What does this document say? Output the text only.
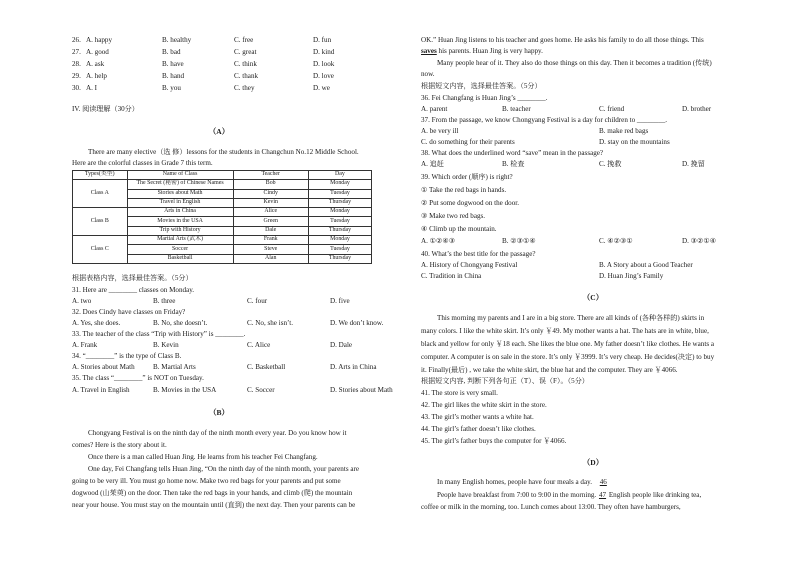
26. A. happy	B. healthy	C. free	D. fun
27. A. good	B. bad	C. great	D. kind
28. A. ask	B. have	C. think	D. look
29. A. help	B. hand	C. thank	D. love
30. A. I	B. you	C. they	D. we
IV. 阅读理解（30分）
（A）
There are many elective（选 修）lessons for the students in Changchun No.12 Middle School.
Here are the colorful classes in Grade 7 this term.
Types(类型)	Name of Class	Teacher	Day
Class A	The Secret (秘密) of Chinese Names	Bob	Monday
	Stories about Math	Cindy	Tuesday
	Travel in English	Kevin	Thursday
Class B	Arts in China	Alice	Monday
	Movies in the USA	Green	Tuesday
	Trip with History	Dale	Thursday
Class C	Martial Arts (武术)	Frank	Monday
	Soccer	Steve	Tuesday
	Basketball	Alan	Thursday
根据表格内容，选择最佳答案。（5分）
31. Here are ________ classes on Monday.
A. two	B. three	C. four	D. five
32. Does Cindy have classes on Friday?
A. Yes, she does.	B. No, she doesn’t.	C. No, she isn’t.	D. We don’t know.
33. The teacher of the class “Trip with History” is ________.
A. Frank	B. Kevin	C. Alice	D. Dale
34. “________” is the type of Class B.
A. Stories about Math	B. Martial Arts	C. Basketball	D. Arts in China
35. The class “________” is NOT on Tuesday.
A. Travel in English	B. Movies in the USA	C. Soccer	D. Stories about Math
（B）
Chongyang Festival is on the ninth day of the ninth month every year. Do you know how it
comes? Here is the story about it.
Once there is a man called Huan Jing. He learns from his teacher Fei Changfang.
One day, Fei Changfang tells Huan Jing, “On the ninth day of the ninth month, your parents are
going to be very ill. You must go home now. Make two red bags for your parents and put some
dogwood (山茱萸) on the door. Then take the red bags in your hands, and climb (爬) the mountain
near your house. You must stay on the mountain until (直到) the next day. Then your parents can be
OK.” Huan Jing listens to his teacher and goes home. He asks his family to do all those things. This
saves his parents. Huan Jing is very happy.
Many people hear of it. They also do those things on this day. Then it becomes a tradition (传统)
now.
根据短文内容，选择最佳答案。（5分）
36. Fei Changfang is Huan Jing’s ________.
A. parent	B. teacher	C. friend	D. brother
37. From the passage, we know Chongyang Festival is a day for children to ________.
A. be very ill	B. make red bags
C. do something for their parents	D. stay on the mountains
38. What does the underlined word “save” mean in the passage?
A. 追赶	B. 检查	C. 挽救	D. 挽留
39. Which order (顺序) is right?
① Take the red bags in hands.
② Put some dogwood on the door.
③ Make two red bags.
④ Climb up the mountain.
A. ①②④③	B. ②③①④	C. ④②③①	D. ③②①④
40. What’s the best title for the passage?
A. History of Chongyang Festival	B. A Story about a Good Teacher
C. Tradition in China	D. Huan Jing’s Family
（C）
This morning my parents and I are in a big store. There are all kinds of (各种各样的) skirts in
many colors. I like the white skirt. It’s only ￥49. My mother wants a hat. The hats are in white, blue,
black and yellow for only ￥18 each. She likes the blue one. My father doesn’t like clothes. He wants a
computer. A computer is on sale in the store. It’s only ￥3999. It’s very cheap. He decides(决定) to buy
it. Finally(最后) , we take the white skirt, the blue hat and the computer. They are ￥4066.
根据短文内容, 判断下列各句正（T）、误（F）。（5分）
41. The store is very small.
42. The girl likes the white skirt in the store.
43. The girl’s mother wants a white hat.
44. The girl’s father doesn’t like clothes.
45. The girl’s father buys the computer for ￥4066.
（D）
In many English homes, people have four meals a day. 46
People have breakfast from 7:00 to 9:00 in the morning. 47 English people like drinking tea,
coffee or milk in the morning, too. Lunch comes about 13:00. They often have hamburgers,
